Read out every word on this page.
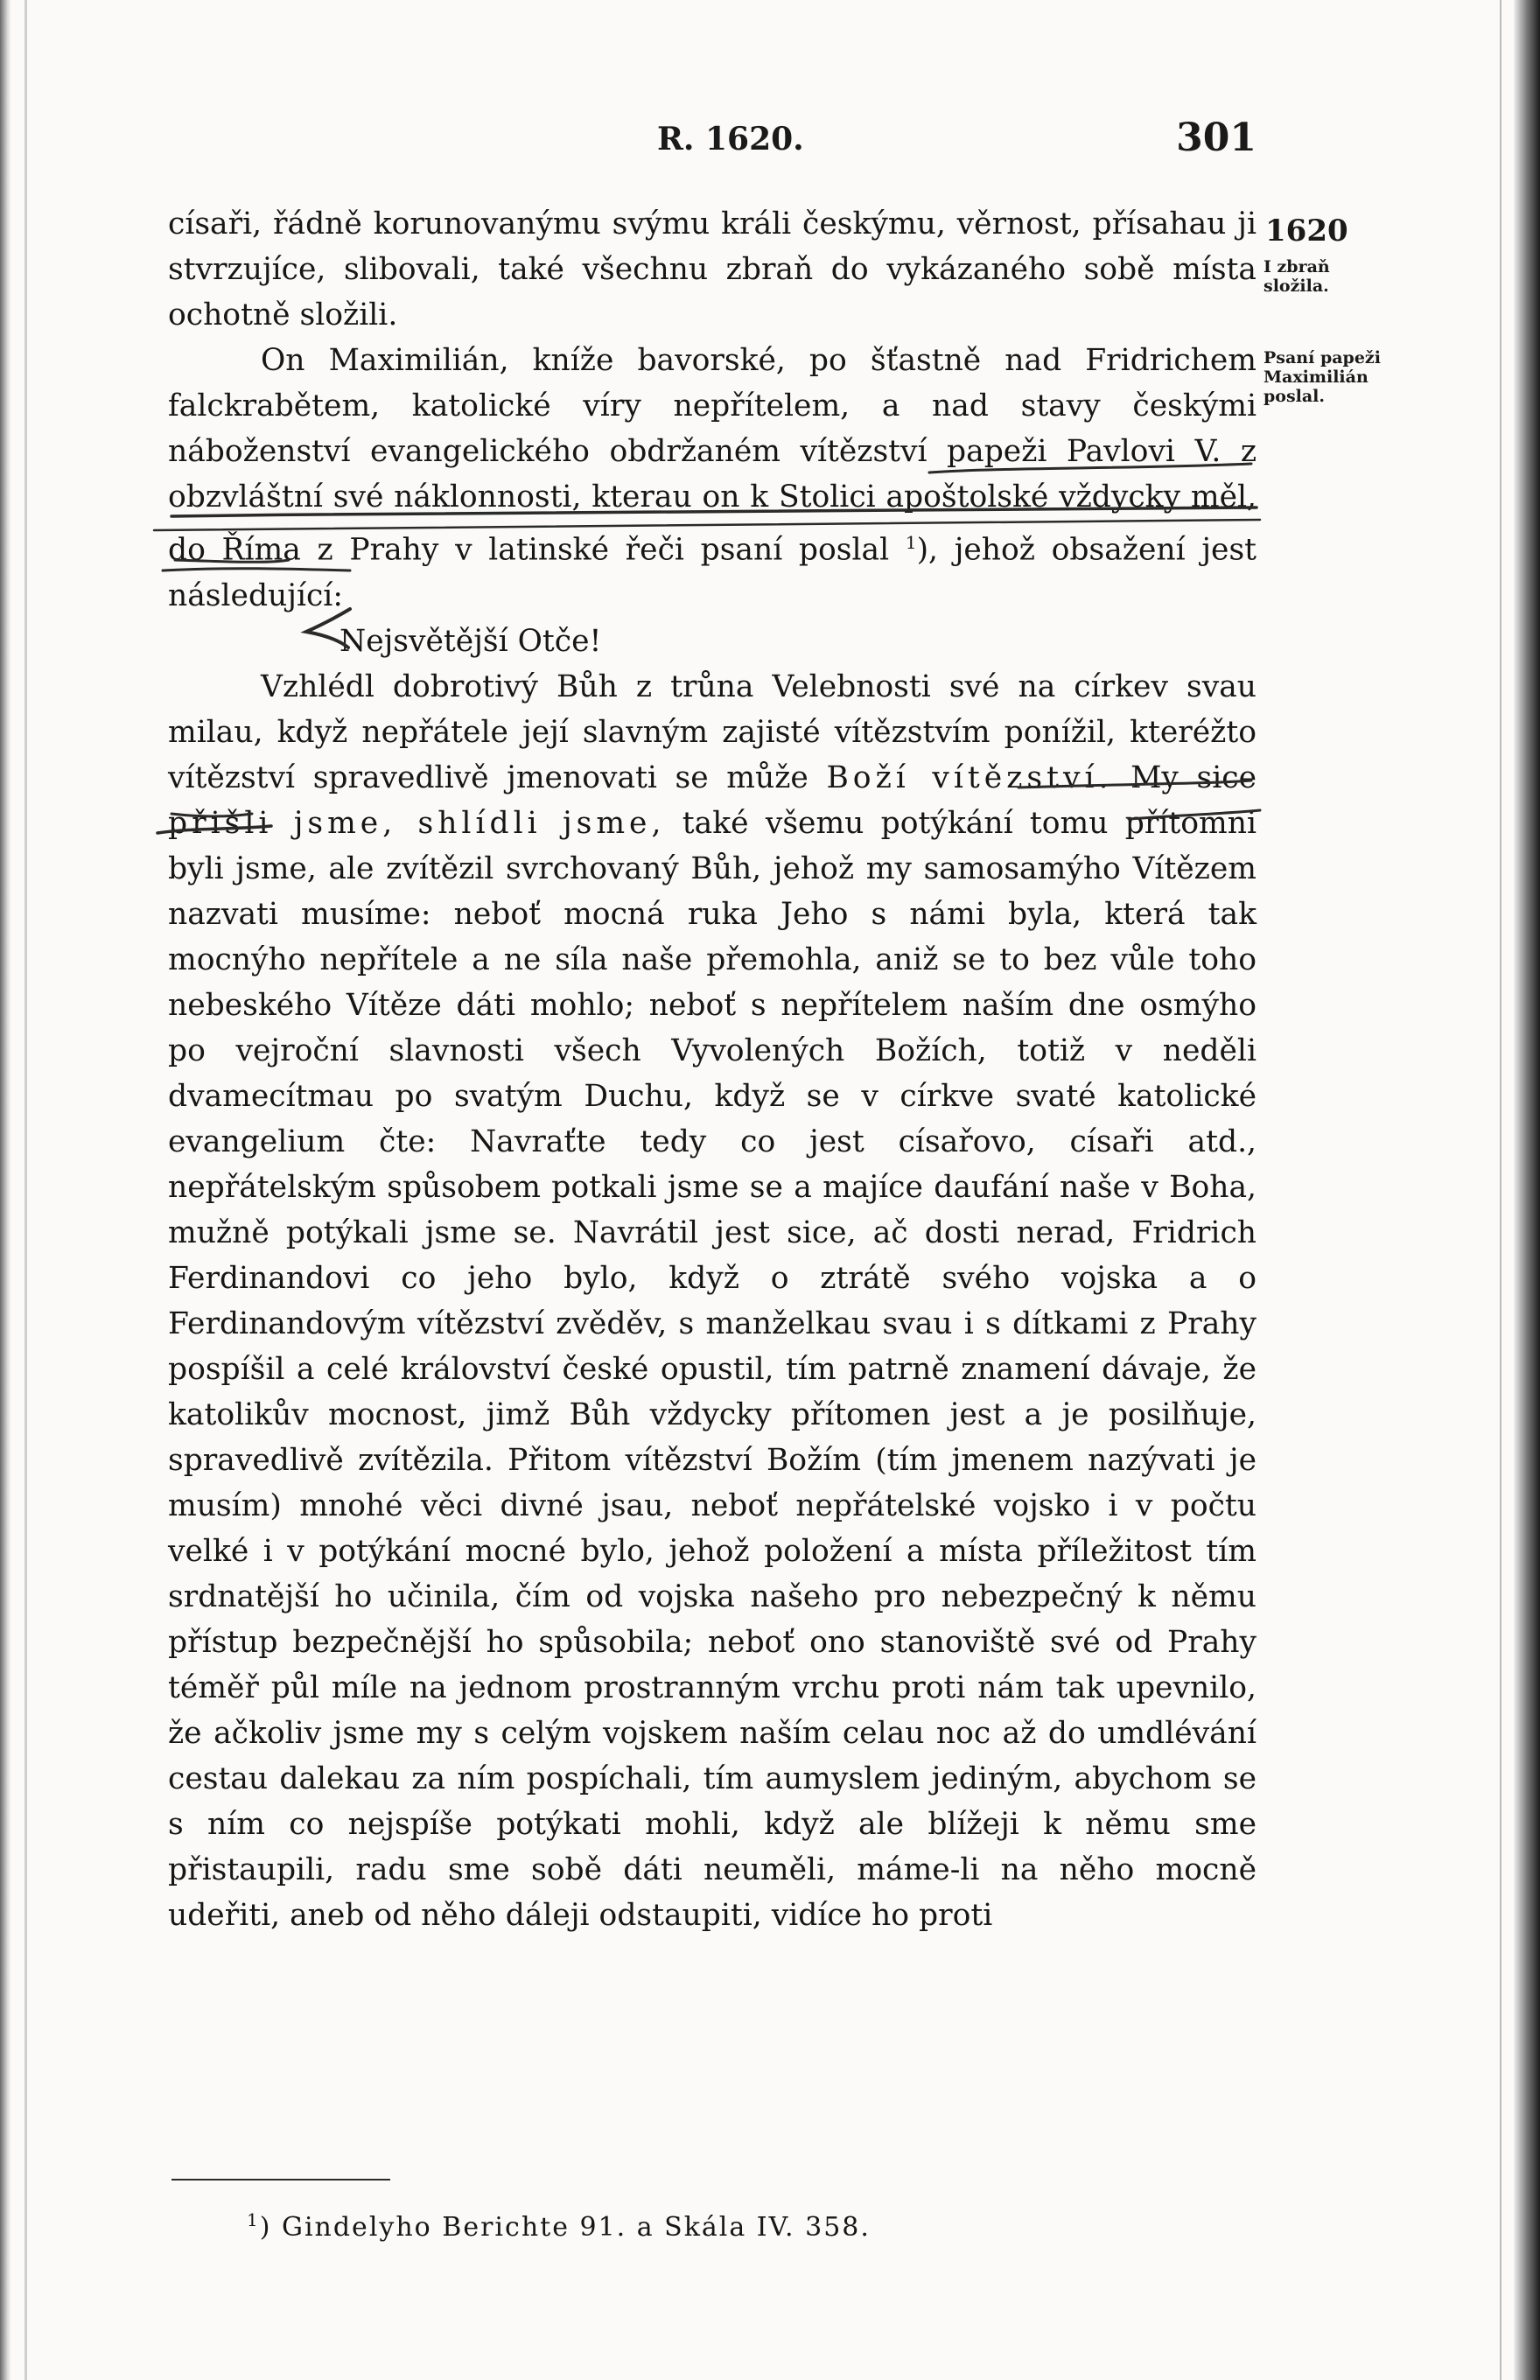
R. 1620.	301
1620
I zbraň složila.
Psaní papeži Maximilián poslal.

císaři, řádně korunovanýmu svýmu králi českýmu, věrnost, přísahau ji stvrzujíce, slibovali, také všechnu zbraň do vykázaného sobě místa ochotně složili.

On Maximilián, kníže bavorské, po šťastně nad Fridrichem falckrabětem, katolické víry nepřítelem, a nad stavy českými náboženství evangelického obdržaném vítězství papeži Pavlovi V. z obzvláštní své náklonnosti, kterau on k Stolici apoštolské vždycky měl, do Říma z Prahy v latinské řeči psaní poslal $^1$), jehož obsažení jest následující:

Nejsvětější Otče!

Vzhlédl dobrotivý Bůh z trůna Velebnosti své na církev svau milau, když nepřátele její slavným zajisté vítězstvím ponížil, kteréžto vítězství spravedlivě jmenovati se může Boží vítězství. My sice přišli jsme, shlídli jsme, také všemu potýkání tomu přítomni byli jsme, ale zvítězil svrchovaný Bůh, jehož my samosamýho Vítězem nazvati musíme: neboť mocná ruka Jeho s námi byla, která tak mocnýho nepřítele a ne síla naše přemohla, aniž se to bez vůle toho nebeského Vítěze dáti mohlo; neboť s nepřítelem naším dne osmýho po vejroční slavnosti všech Vyvolených Božích, totiž v neděli dvamecítmau po svatým Duchu, když se v církve svaté katolické evangelium čte: Navraťte tedy co jest císařovo, císaři atd., nepřátelským spůsobem potkali jsme se a majíce daufání naše v Boha, mužně potýkali jsme se. Navrátil jest sice, ač dosti nerad, Fridrich Ferdinandovi co jeho bylo, když o ztrátě svého vojska a o Ferdinandovým vítězství zvěděv, s manželkau svau i s dítkami z Prahy pospíšil a celé království české opustil, tím patrně znamení dávaje, že katolikův mocnost, jimž Bůh vždycky přítomen jest a je posilňuje, spravedlivě zvítězila. Přitom vítězství Božím (tím jmenem nazývati je musím) mnohé věci divné jsau, neboť nepřátelské vojsko i v počtu velké i v potýkání mocné bylo, jehož položení a místa příležitost tím srdnatější ho učinila, čím od vojska našeho pro nebezpečný k němu přístup bezpečnější ho spůsobila; neboť ono stanoviště své od Prahy téměř půl míle na jednom prostranným vrchu proti nám tak upevnilo, že ačkoliv jsme my s celým vojskem naším celau noc až do umdlévání cestau dalekau za ním pospíchali, tím aumyslem jediným, abychom se s ním co nejspíše potýkati mohli, když ale blížeji k němu sme přistaupili, radu sme sobě dáti neuměli, máme-li na něho mocně udeřiti, aneb od něho dáleji odstaupiti, vidíce ho proti

$^1$) Gindelyho Berichte 91. a Skála IV. 358.
